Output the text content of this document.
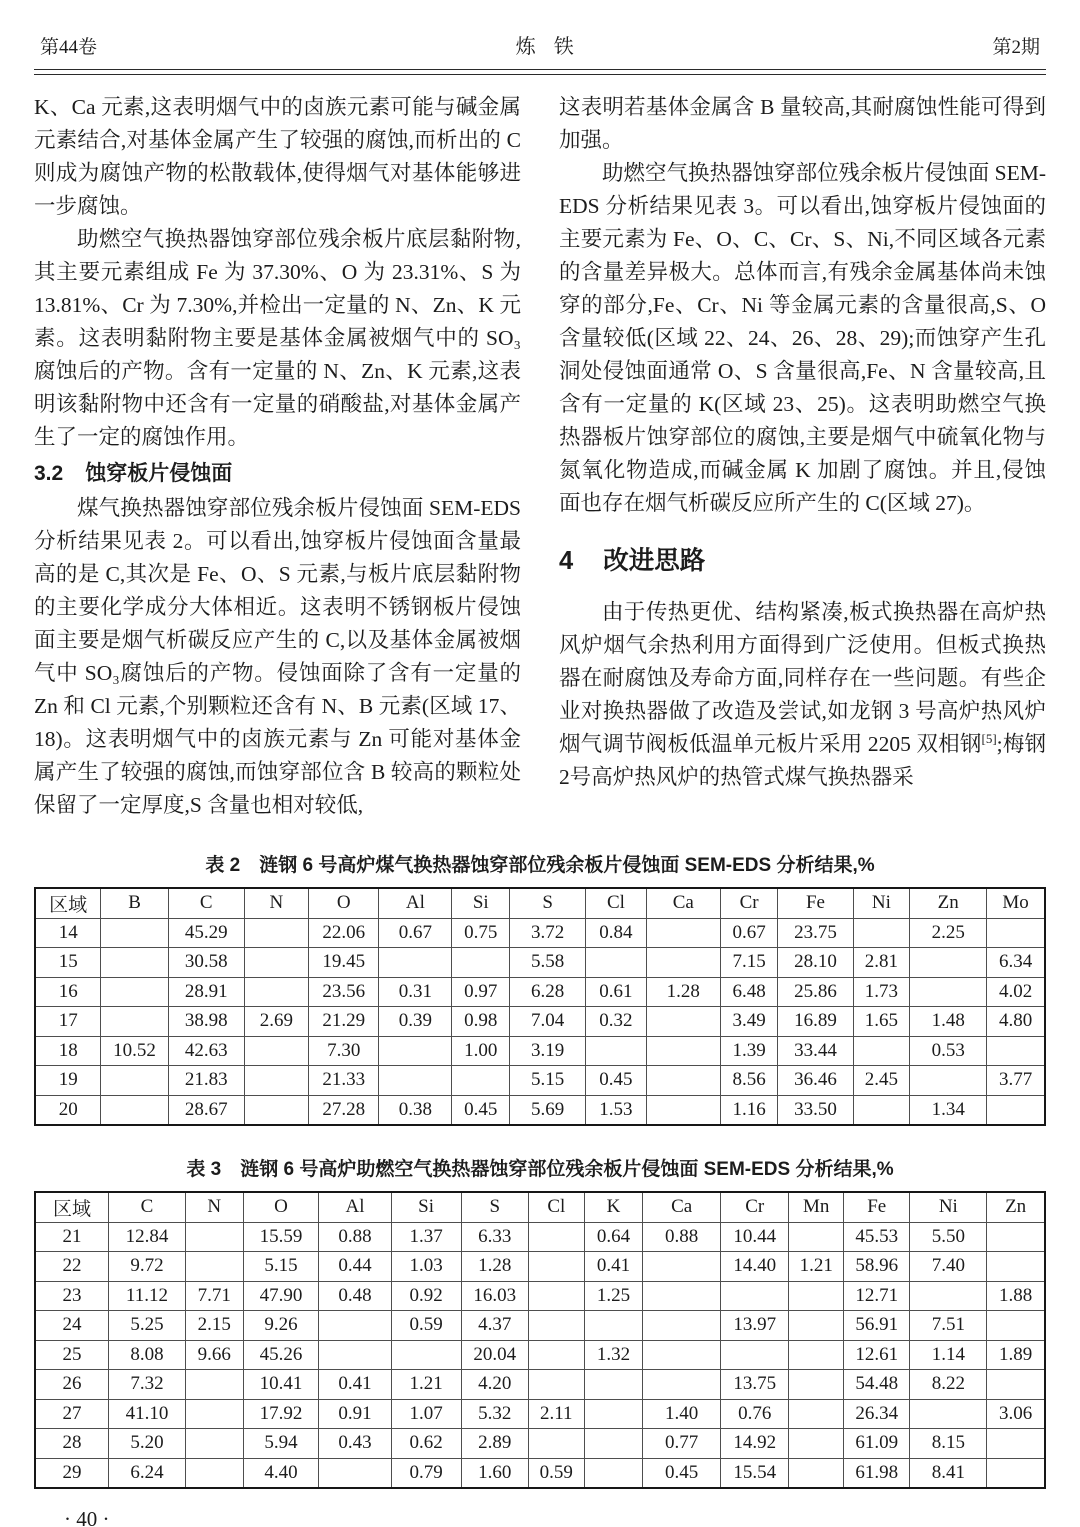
第44卷	炼铁	第2期

K、Ca 元素,这表明烟气中的卤族元素可能与碱金属元素结合,对基体金属产生了较强的腐蚀,而析出的 C 则成为腐蚀产物的松散载体,使得烟气对基体能够进一步腐蚀。

助燃空气换热器蚀穿部位残余板片底层黏附物,其主要元素组成 Fe 为 37.30%、O 为 23.31%、S 为 13.81%、Cr 为 7.30%,并检出一定量的 N、Zn、K 元素。这表明黏附物主要是基体金属被烟气中的 SO₃腐蚀后的产物。含有一定量的 N、Zn、K 元素,这表明该黏附物中还含有一定量的硝酸盐,对基体金属产生了一定的腐蚀作用。

3.2 蚀穿板片侵蚀面

煤气换热器蚀穿部位残余板片侵蚀面 SEM-EDS 分析结果见表 2。可以看出,蚀穿板片侵蚀面含量最高的是 C,其次是 Fe、O、S 元素,与板片底层黏附物的主要化学成分大体相近。这表明不锈钢板片侵蚀面主要是烟气析碳反应产生的 C,以及基体金属被烟气中 SO₃腐蚀后的产物。侵蚀面除了含有一定量的 Zn 和 Cl 元素,个别颗粒还含有 N、B 元素(区域 17、18)。这表明烟气中的卤族元素与 Zn 可能对基体金属产生了较强的腐蚀,而蚀穿部位含 B 较高的颗粒处保留了一定厚度,S 含量也相对较低,

这表明若基体金属含 B 量较高,其耐腐蚀性能可得到加强。

助燃空气换热器蚀穿部位残余板片侵蚀面 SEM-EDS 分析结果见表 3。可以看出,蚀穿板片侵蚀面的主要元素为 Fe、O、C、Cr、S、Ni,不同区域各元素的含量差异极大。总体而言,有残余金属基体尚未蚀穿的部分,Fe、Cr、Ni 等金属元素的含量很高,S、O 含量较低(区域 22、24、26、28、29);而蚀穿产生孔洞处侵蚀面通常 O、S 含量很高,Fe、N 含量较高,且含有一定量的 K(区域 23、25)。这表明助燃空气换热器板片蚀穿部位的腐蚀,主要是烟气中硫氧化物与氮氧化物造成,而碱金属 K 加剧了腐蚀。并且,侵蚀面也存在烟气析碳反应所产生的 C(区域 27)。

4 改进思路

由于传热更优、结构紧凑,板式换热器在高炉热风炉烟气余热利用方面得到广泛使用。但板式换热器在耐腐蚀及寿命方面,同样存在一些问题。有些企业对换热器做了改造及尝试,如龙钢 3 号高炉热风炉烟气调节阀板低温单元板片采用 2205 双相钢[5];梅钢2号高炉热风炉的热管式煤气换热器采

表 2　涟钢 6 号高炉煤气换热器蚀穿部位残余板片侵蚀面 SEM-EDS 分析结果,%
区域	B	C	N	O	Al	Si	S	Cl	Ca	Cr	Fe	Ni	Zn	Mo
14		45.29		22.06	0.67	0.75	3.72	0.84		0.67	23.75		2.25	
15		30.58		19.45			5.58			7.15	28.10	2.81		6.34
16		28.91		23.56	0.31	0.97	6.28	0.61	1.28	6.48	25.86	1.73		4.02
17		38.98	2.69	21.29	0.39	0.98	7.04	0.32		3.49	16.89	1.65	1.48	4.80
18	10.52	42.63		7.30		1.00	3.19			1.39	33.44		0.53	
19		21.83		21.33			5.15	0.45		8.56	36.46	2.45		3.77
20		28.67		27.28	0.38	0.45	5.69	1.53		1.16	33.50		1.34	
表 3　涟钢 6 号高炉助燃空气换热器蚀穿部位残余板片侵蚀面 SEM-EDS 分析结果,%
区域	C	N	O	Al	Si	S	Cl	K	Ca	Cr	Mn	Fe	Ni	Zn
21	12.84		15.59	0.88	1.37	6.33		0.64	0.88	10.44		45.53	5.50	
22	9.72		5.15	0.44	1.03	1.28		0.41		14.40	1.21	58.96	7.40	
23	11.12	7.71	47.90	0.48	0.92	16.03		1.25				12.71		1.88
24	5.25	2.15	9.26		0.59	4.37				13.97		56.91	7.51	
25	8.08	9.66	45.26			20.04		1.32				12.61	1.14	1.89
26	7.32		10.41	0.41	1.21	4.20				13.75		54.48	8.22	
27	41.10		17.92	0.91	1.07	5.32	2.11		1.40	0.76		26.34		3.06
28	5.20		5.94	0.43	0.62	2.89			0.77	14.92		61.09	8.15	
29	6.24		4.40		0.79	1.60	0.59		0.45	15.54		61.98	8.41	
· 40 ·
